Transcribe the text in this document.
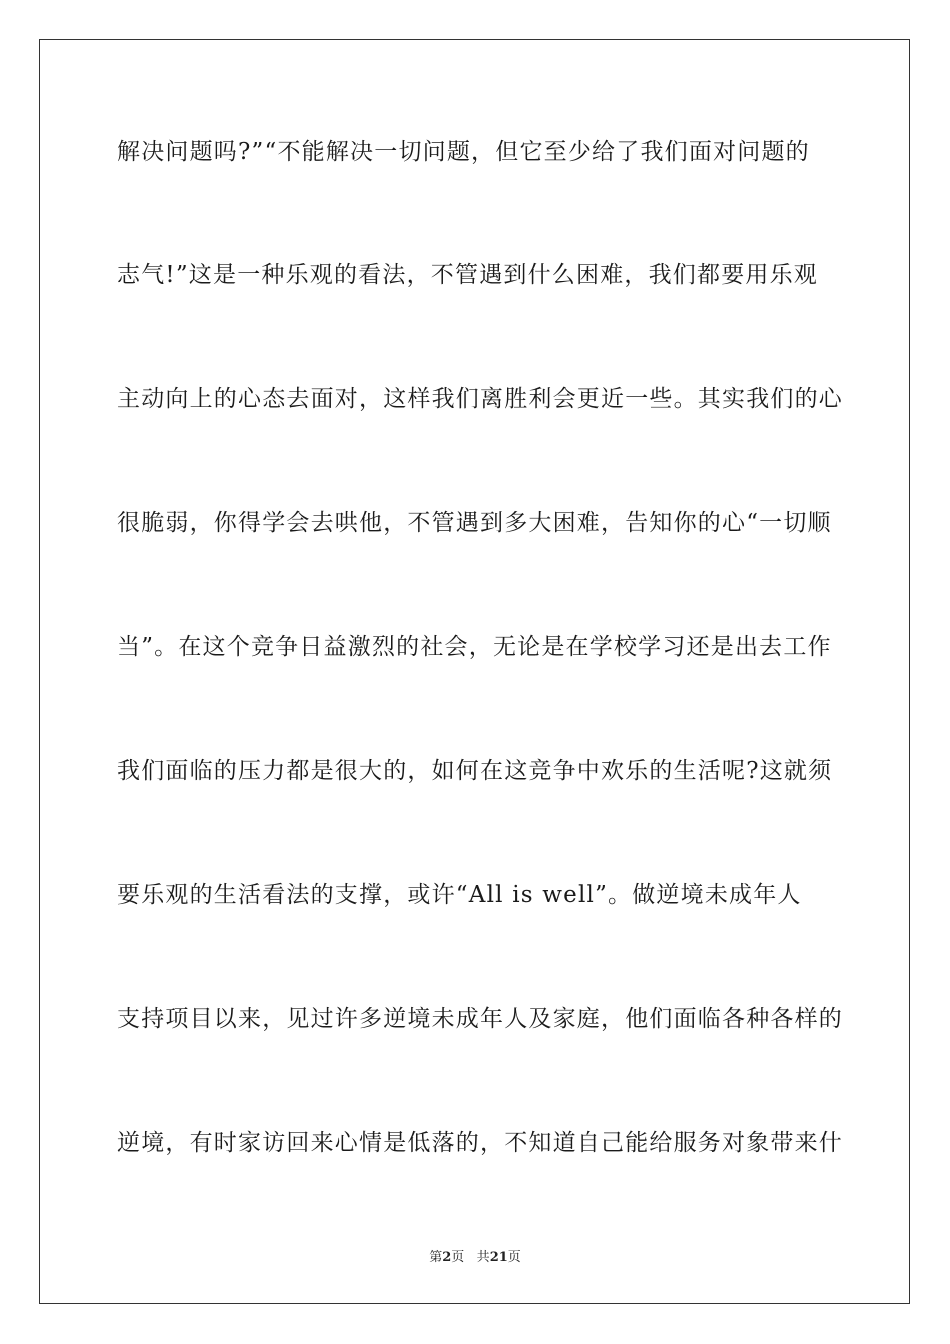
解决问题吗?”“不能解决一切问题，但它至少给了我们面对问题的
志气!”这是一种乐观的看法，不管遇到什么困难，我们都要用乐观
主动向上的心态去面对，这样我们离胜利会更近一些。其实我们的心
很脆弱，你得学会去哄他，不管遇到多大困难，告知你的心“一切顺
当”。在这个竞争日益激烈的社会，无论是在学校学习还是出去工作
我们面临的压力都是很大的，如何在这竞争中欢乐的生活呢?这就须
要乐观的生活看法的支撑，或许“All is well”。做逆境未成年人
支持项目以来，见过许多逆境未成年人及家庭，他们面临各种各样的
逆境，有时家访回来心情是低落的，不知道自己能给服务对象带来什
第2页 共21页
